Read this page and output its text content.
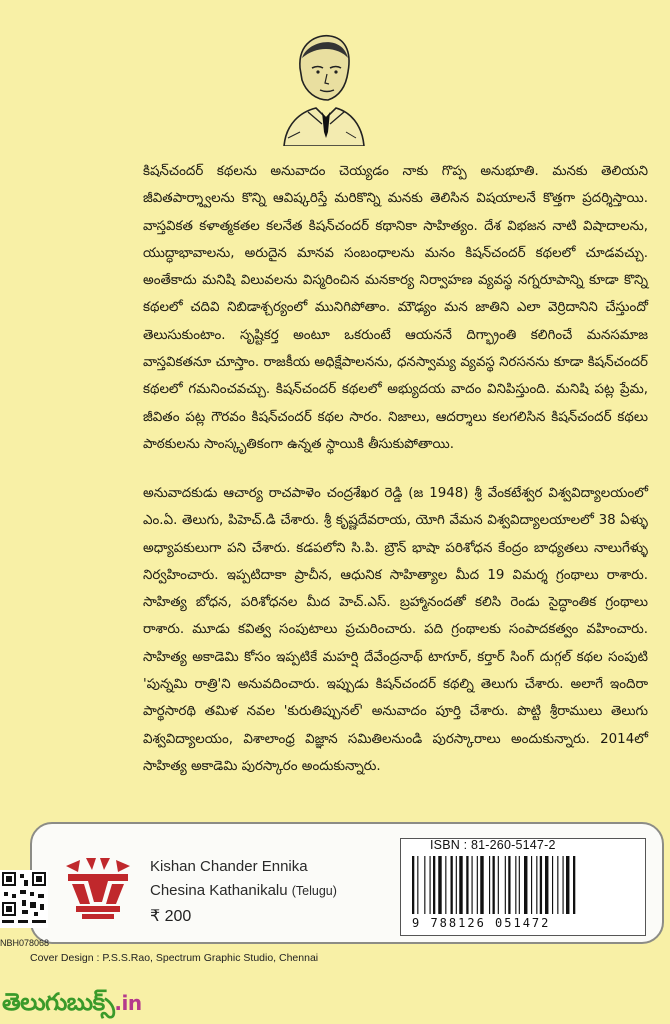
కిషన్‌చందర్ కథలను అనువాదం చెయ్యడం నాకు గొప్ప అనుభూతి. మనకు తెలియని జీవితపార్శ్వాలను కొన్ని ఆవిష్కరిస్తే మరికొన్ని మనకు తెలిసిన విషయాలనే కొత్తగా ప్రదర్శిస్తాయి. వాస్తవికత కళాత్మకతల కలనేత కిషన్‌చందర్ కథానికా సాహిత్యం. దేశ విభజన నాటి విషాదాలను, యుద్ధాభావాలను, అరుదైన మానవ సంబంధాలను మనం కిషన్‌చందర్ కథలలో చూడవచ్చు. అంతేకాదు మనిషి విలువలను విస్మరించిన మనకార్య నిర్వాహణ వ్యవస్థ నగ్నరూపాన్ని కూడా కొన్ని కథలలో చదివి నిబిడాశ్చర్యంలో మునిగిపోతాం. మౌఢ్యం మన జాతిని ఎలా వెర్రిదానిని చేస్తుందో తెలుసుకుంటాం. సృష్టికర్త అంటూ ఒకరుంటే ఆయననే దిగ్భ్రాంతి కలిగించే మనసమాజ వాస్తవికతనూ చూస్తాం. రాజకీయ అధిక్షేపాలనను, ధనస్వామ్య వ్యవస్థ నిరసనను కూడా కిషన్‌చందర్ కథలలో గమనించవచ్చు. కిషన్‌చందర్ కథలలో అభ్యుదయ వాదం వినిపిస్తుంది. మనిషి పట్ల ప్రేమ, జీవితం పట్ల గౌరవం కిషన్‌చందర్ కథల సారం. నిజాలు, ఆదర్శాలు కలగలిసిన కిషన్‌చందర్ కథలు పాఠకులను సాంస్కృతికంగా ఉన్నత స్థాయికి తీసుకుపోతాయి.
అనువాదకుడు ఆచార్య రాచపాళెం చంద్రశేఖర రెడ్డి (జ 1948) శ్రీ వేంకటేశ్వర విశ్వవిద్యాలయంలో ఎం.ఏ. తెలుగు, పిహెచ్.డి చేశారు. శ్రీ కృష్ణదేవరాయ, యోగి వేమన విశ్వవిద్యాలయాలలో 38 ఏళ్ళు అధ్యాపకులుగా పని చేశారు. కడపలోని సి.పి. బ్రౌన్ భాషా పరిశోధన కేంద్రం బాధ్యతలు నాలుగేళ్ళు నిర్వహించారు. ఇప్పటిదాకా ప్రాచీన, ఆధునిక సాహిత్యాల మీద 19 విమర్శ గ్రంథాలు రాశారు. సాహిత్య బోధన, పరిశోధనల మీద హెచ్.ఎస్. బ్రహ్మానందతో కలిసి రెండు సైద్ధాంతిక గ్రంథాలు రాశారు. మూడు కవిత్వ సంపుటాలు ప్రచురించారు. పది గ్రంథాలకు సంపాదకత్వం వహించారు. సాహిత్య అకాడెమి కోసం ఇప్పటికే మహర్షి దేవేంద్రనాథ్ టాగూర్, కర్తార్ సింగ్ దుగ్గల్ కథల సంపుటి 'పున్నమి రాత్రి'ని అనువదించారు. ఇప్పుడు కిషన్‌చందర్ కథల్ని తెలుగు చేశారు. అలాగే ఇందిరా పార్థసారథి తమిళ నవల 'కురుతిప్పునల్' అనువాదం పూర్తి చేశారు. పొట్టి శ్రీరాములు తెలుగు విశ్వవిద్యాలయం, విశాలాంధ్ర విజ్ఞాన సమితిలనుండి పురస్కారాలు అందుకున్నారు. 2014లో సాహిత్య అకాడెమి పురస్కారం అందుకున్నారు.
Kishan Chander Ennika
Chesina Kathanikalu (Telugu)
₹ 200
ISBN : 81-260-5147-2
9 788126 051472
NBH078068
Cover Design : P.S.S.Rao, Spectrum Graphic Studio, Chennai
తెలుగుబుక్స్.in
